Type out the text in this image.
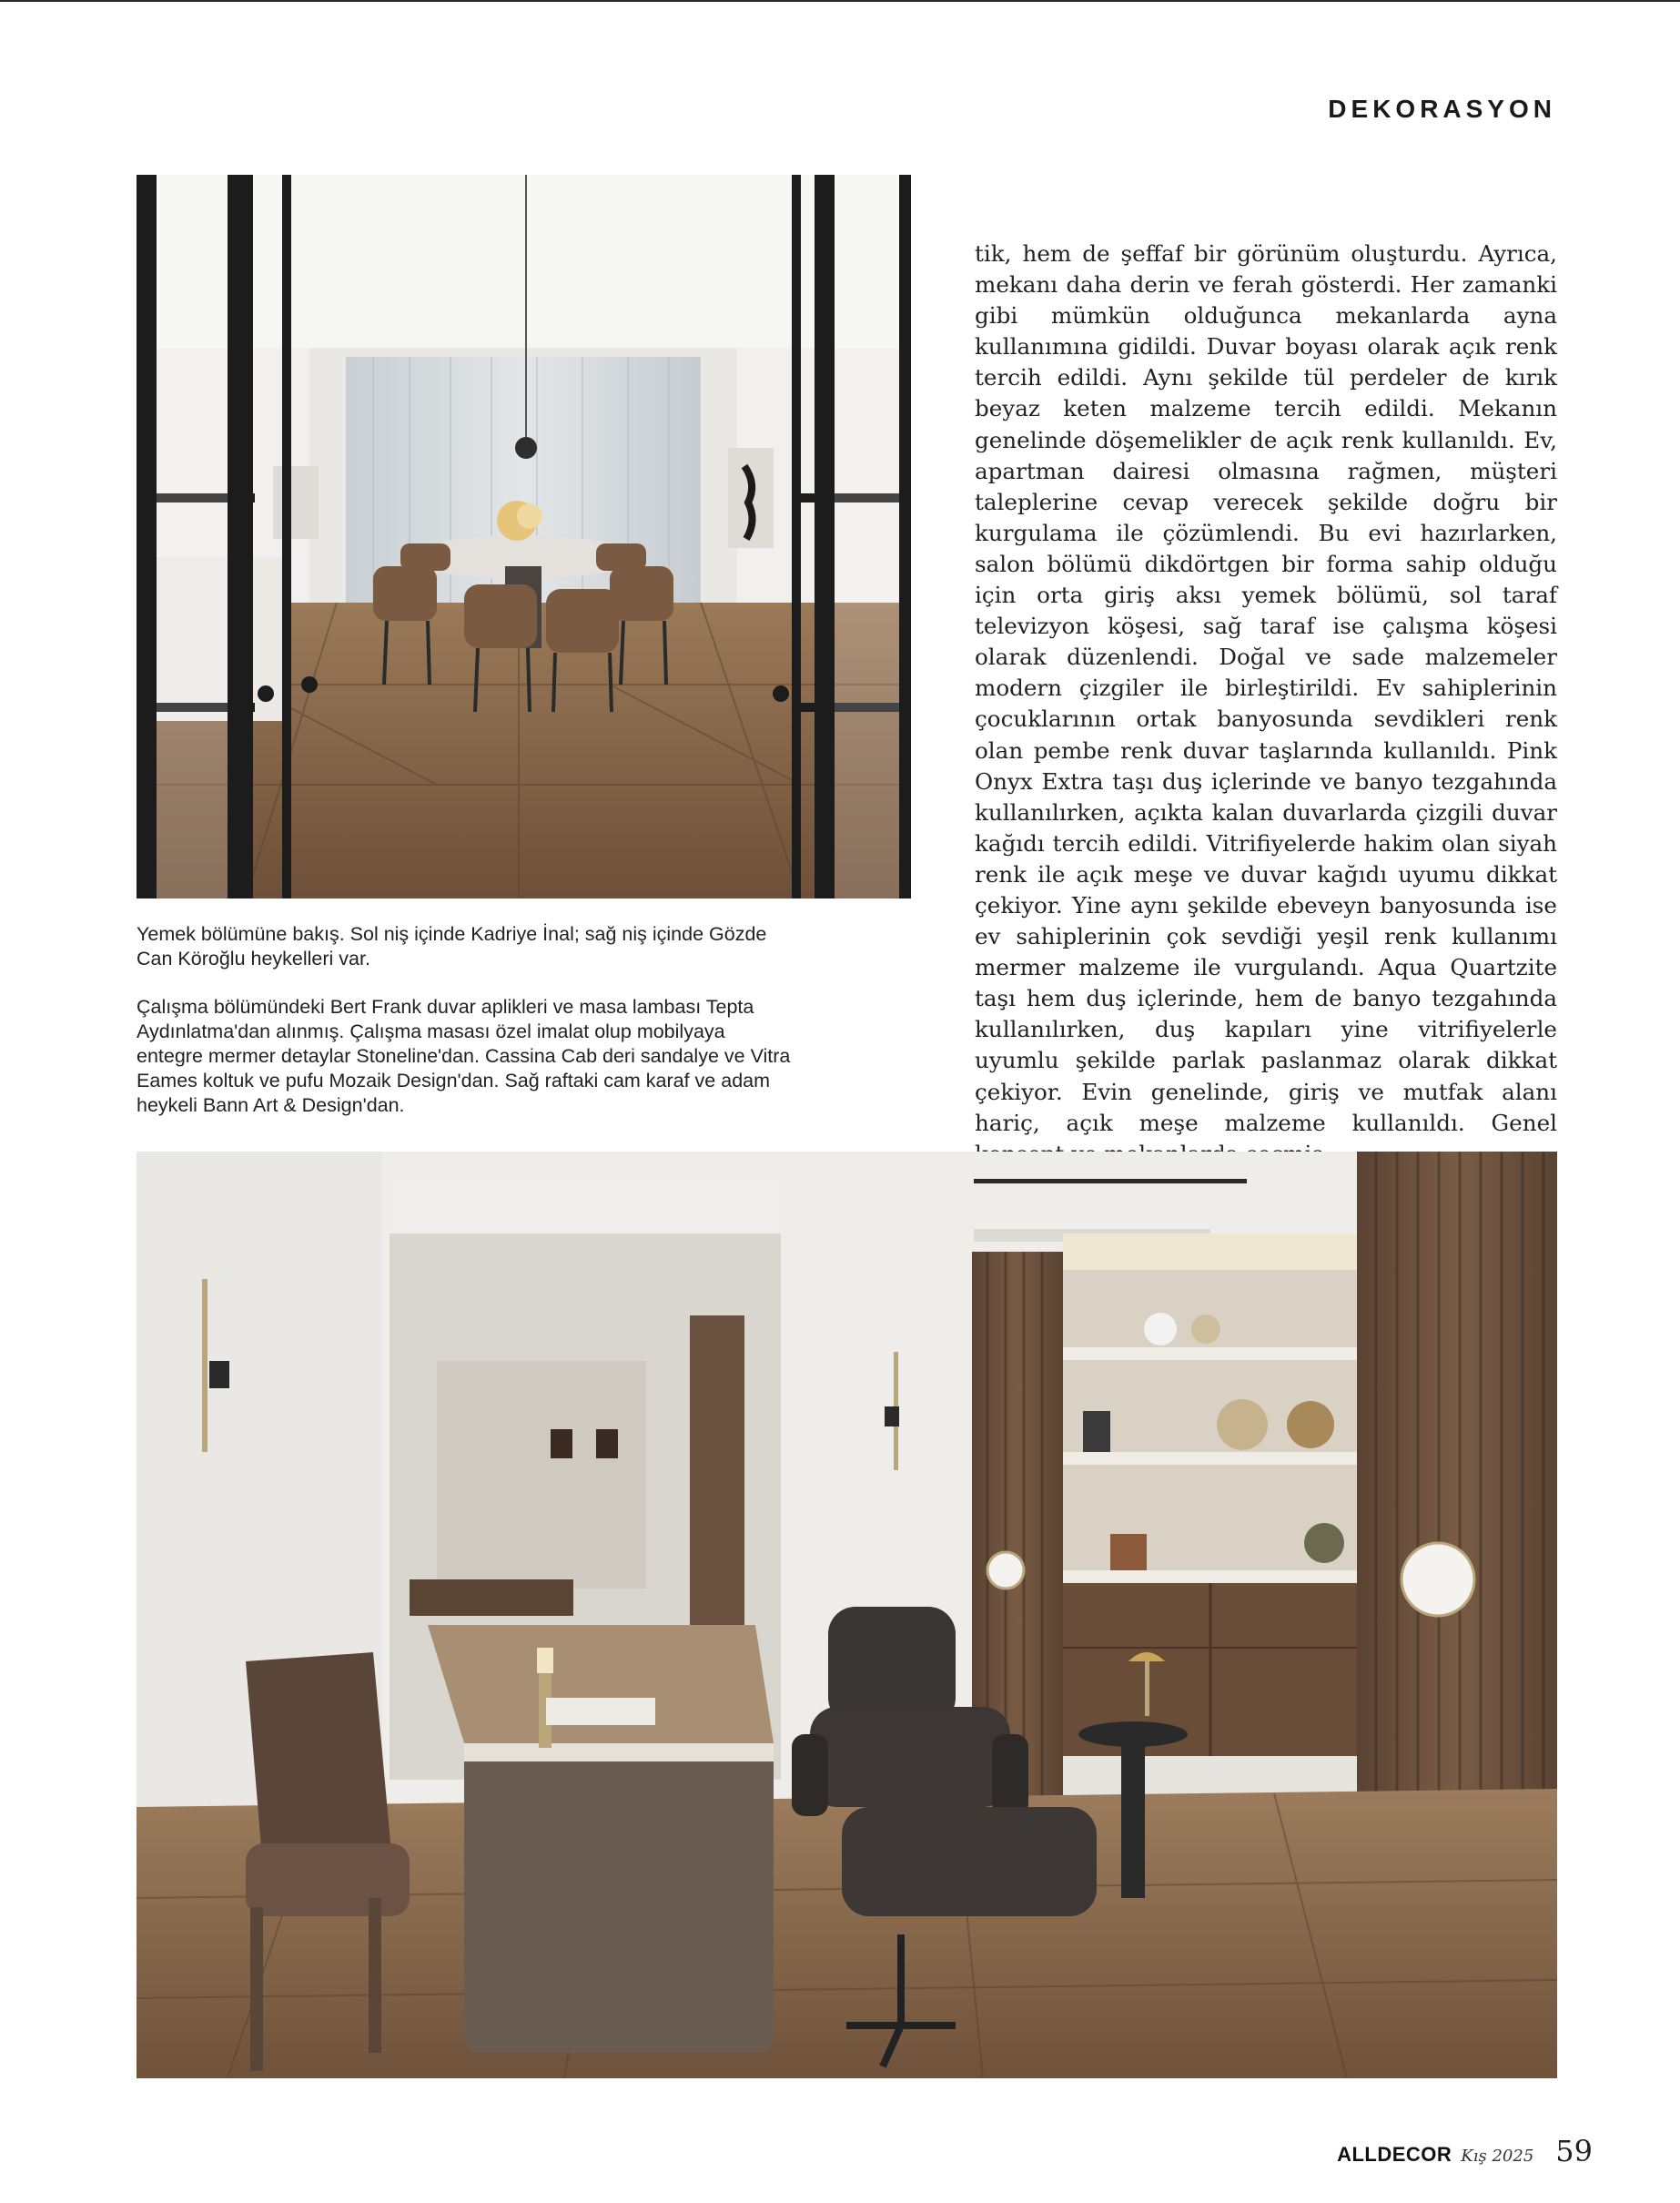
DEKORASYON

tik, hem de şeffaf bir görünüm oluşturdu. Ayrıca, mekanı daha derin ve ferah gösterdi. Her zamanki gibi mümkün olduğunca mekanlarda ayna kullanımına gidildi. Duvar boyası olarak açık renk tercih edildi. Aynı şekilde tül perdeler de kırık beyaz keten malzeme tercih edildi. Mekanın genelinde döşemelikler de açık renk kullanıldı. Ev, apartman dairesi olmasına rağmen, müşteri taleplerine cevap verecek şekilde doğru bir kurgulama ile çözümlendi. Bu evi hazırlarken, salon bölümü dikdörtgen bir forma sahip olduğu için orta giriş aksı yemek bölümü, sol taraf televizyon köşesi, sağ taraf ise çalışma köşesi olarak düzenlendi. Doğal ve sade malzemeler modern çizgiler ile birleştirildi. Ev sahiplerinin çocuklarının ortak banyosunda sevdikleri renk olan pembe renk duvar taşlarında kullanıldı. Pink Onyx Extra taşı duş içlerinde ve banyo tezgahında kullanılırken, açıkta kalan duvarlarda çizgili duvar kağıdı tercih edildi. Vitrifiyelerde hakim olan siyah renk ile açık meşe ve duvar kağıdı uyumu dikkat çekiyor. Yine aynı şekilde ebeveyn banyosunda ise ev sahiplerinin çok sevdiği yeşil renk kullanımı mermer malzeme ile vurgulandı. Aqua Quartzite taşı hem duş içlerinde, hem de banyo tezgahında kullanılırken, duş kapıları yine vitrifiyelerle uyumlu şekilde parlak paslanmaz olarak dikkat çekiyor. Evin genelinde, giriş ve mutfak alanı hariç, açık meşe malzeme kullanıldı. Genel

Yemek bölümüne bakış. Sol niş içinde Kadriye İnal; sağ niş içinde Gözde Can Köroğlu heykelleri var.

Çalışma bölümündeki Bert Frank duvar aplikleri ve masa lambası Tepta Aydınlatma'dan alınmış. Çalışma masası özel imalat olup mobilyaya entegre mermer detaylar Stoneline'dan. Cassina Cab deri sandalye ve Vitra Eames koltuk ve pufu Mozaik Design'dan. Sağ raftaki cam karaf ve adam heykeli Bann Art & Design'dan.

ALLDECOR Kış 2025 59
